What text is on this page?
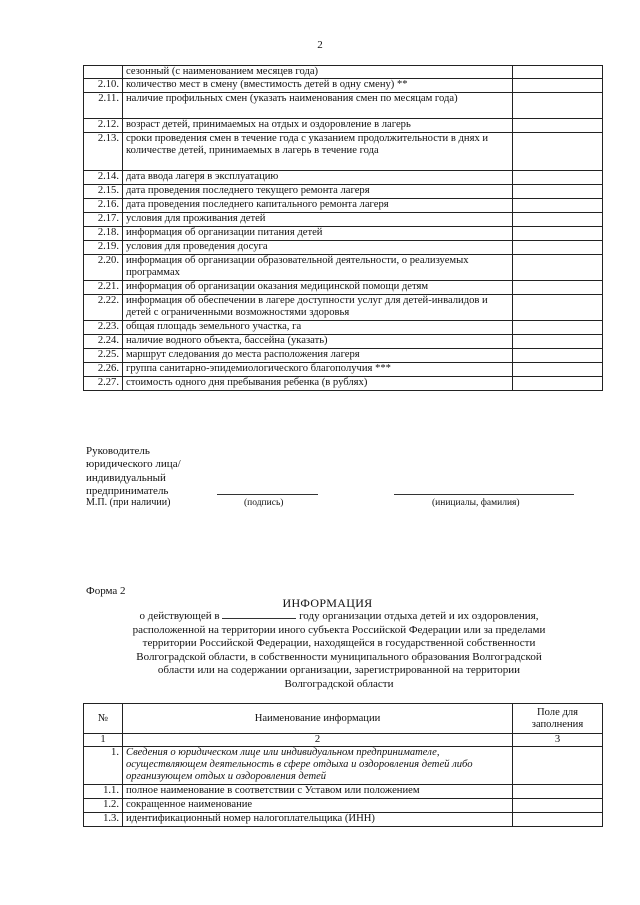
2
	сезонный (с наименованием месяцев года)	
2.10.	количество мест в смену (вместимость детей в одну смену) **	
2.11.	наличие профильных смен (указать наименования смен по месяцам года)	
2.12.	возраст детей, принимаемых на отдых и оздоровление в лагерь	
2.13.	сроки проведения смен в течение года с указанием продолжительности в днях и количестве детей, принимаемых в лагерь в течение года	
2.14.	дата ввода лагеря в эксплуатацию	
2.15.	дата проведения последнего текущего ремонта лагеря	
2.16.	дата проведения последнего капитального ремонта лагеря	
2.17.	условия для проживания детей	
2.18.	информация об организации питания детей	
2.19.	условия для проведения досуга	
2.20.	информация об организации образовательной деятельности, о реализуемых программах	
2.21.	информация об организации оказания медицинской помощи детям	
2.22.	информация об обеспечении в лагере доступности услуг для детей-инвалидов и детей с ограниченными возможностями здоровья	
2.23.	общая площадь земельного участка, га	
2.24.	наличие водного объекта, бассейна (указать)	
2.25.	маршрут следования до места расположения лагеря	
2.26.	группа санитарно-эпидемиологического благополучия ***	
2.27.	стоимость одного дня пребывания ребенка (в рублях)	
Руководитель
юридического лица/
индивидуальный
предприниматель
М.П. (при наличии)	(подпись)	(инициалы, фамилия)
Форма 2
ИНФОРМАЦИЯ
о действующей в	году организации отдыха детей и их оздоровления,
расположенной на территории иного субъекта Российской Федерации или за пределами
территории Российской Федерации, находящейся в государственной собственности
Волгоградской области, в собственности муниципального образования Волгоградской
области или на содержании организации, зарегистрированной на территории
Волгоградской области
№	Наименование информации	Поле для
заполнения

1	2	3
1.	Сведения о юридическом лице или индивидуальном предпринимателе, осуществляющем деятельность в сфере отдыха и оздоровления детей либо организующем отдых и оздоровления детей	
1.1.	полное наименование в соответствии с Уставом или положением	
1.2.	сокращенное наименование	
1.3.	идентификационный номер налогоплательщика (ИНН)	
